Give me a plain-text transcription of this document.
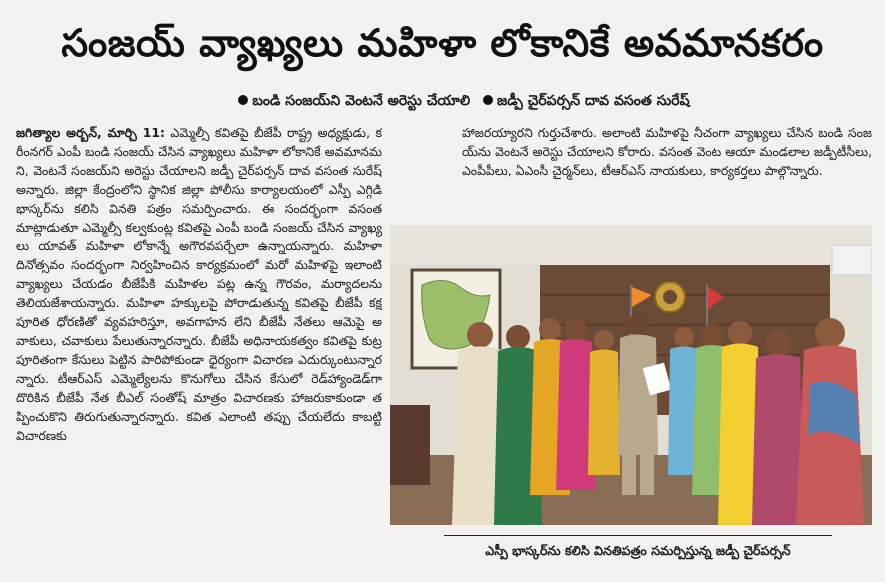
సంజయ్ వ్యాఖ్యలు మహిళా లోకానికే అవమానకరం
బండి సంజయ్‌ని వెంటనే అరెస్టు చేయాలి జడ్పీ చైర్‌పర్సన్ దావ వసంత సురేష్
జగిత్యాల అర్బన్, మార్చి 11: ఎమ్మెల్సీ కవితపై బీజేపీ రాష్ట్ర అధ్యక్షుడు, కరీంనగర్ ఎంపీ బండి సంజయ్ చేసిన వ్యాఖ్యలు మహిళా లోకానికే అవమానమని, వెంటనే సంజయ్‌ని అరెస్టు చేయాలని జడ్పీ చైర్‌పర్సన్ దావ వసంత సురేష్ అన్నారు. జిల్లా కేంద్రంలోని స్థానిక జిల్లా పోలీసు కార్యాలయంలో ఎస్పీ ఎగ్గిడి భాస్కర్‌ను కలిసి వినతి పత్రం సమర్పించారు. ఈ సందర్భంగా వసంత మాట్లాడుతూ ఎమ్మెల్సీ కల్వకుంట్ల కవితపై ఎంపీ బండి సంజయ్ చేసిన వ్యాఖ్యలు యావత్ మహిళా లోకాన్నే అగౌరవపర్చేలా ఉన్నాయన్నారు. మహిళా దినోత్సవం సందర్భంగా నిర్వహించిన కార్యక్రమంలో మరో మహిళపై ఇలాంటి వ్యాఖ్యలు చేయడం బీజేపీకి మహిళల పట్ల ఉన్న గౌరవం, మర్యాదలను తెలియజేశాయన్నారు. మహిళా హక్కులపై పోరాడుతున్న కవితపై బీజేపీ కక్ష పూరిత ధోరణితో వ్యవహరిస్తూ, అవగాహన లేని బీజేపీ నేతలు ఆమెపై అవాకులు, చవాకులు పేలుతున్నారన్నారు. బీజేపీ అధినాయకత్వం కవితపై కుట్ర పూరితంగా కేసులు పెట్టిన పారిపోకుండా ధైర్యంగా విచారణ ఎదుర్కుంటున్నారన్నారు. టీఆర్ఎస్ ఎమ్మెల్యేలను కొనుగోలు చేసిన కేసులో రెడ్‌హ్యాండెడ్‌గా దొరికిన బీజేపీ నేత బీఎల్ సంతోష్ మాత్రం విచారణకు హాజరుకాకుండా తప్పించుకొని తిరుగుతున్నారన్నారు. కవిత ఎలాంటి తప్పు చేయలేదు కాబట్టి విచారణకు
హాజరయ్యారని గుర్తుచేశారు. అలాంటి మహిళపై నీచంగా వ్యాఖ్యలు చేసిన బండి సంజయ్‌ను వెంటనే అరెస్టు చేయాలని కోరారు. వసంత వెంట ఆయా మండలాల జడ్పీటీసీలు, ఎంపీపీలు, ఏఎంసీ చైర్మన్‌లు, టీఆర్ఎస్ నాయకులు, కార్యకర్తలు పాల్గొన్నారు.
ఎస్పీ భాస్కర్‌ను కలిసి వినతిపత్రం సమర్పిస్తున్న జడ్పీ చైర్‌పర్సన్
